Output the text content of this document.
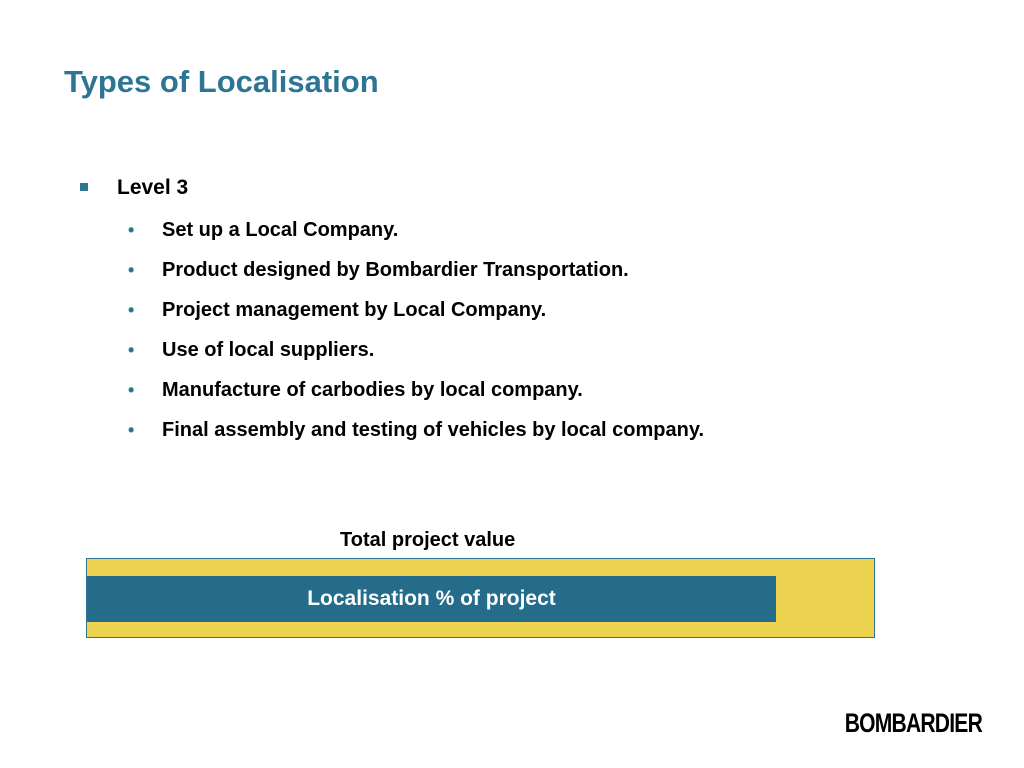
Types of Localisation
Level 3
•	Set up a Local Company.
•	Product designed by Bombardier Transportation.
•	Project management by Local Company.
•	Use of local suppliers.
•	Manufacture of carbodies by local company.
•	Final assembly and testing of vehicles by local company.
Total project value
Localisation % of project
BOMBARDIER
